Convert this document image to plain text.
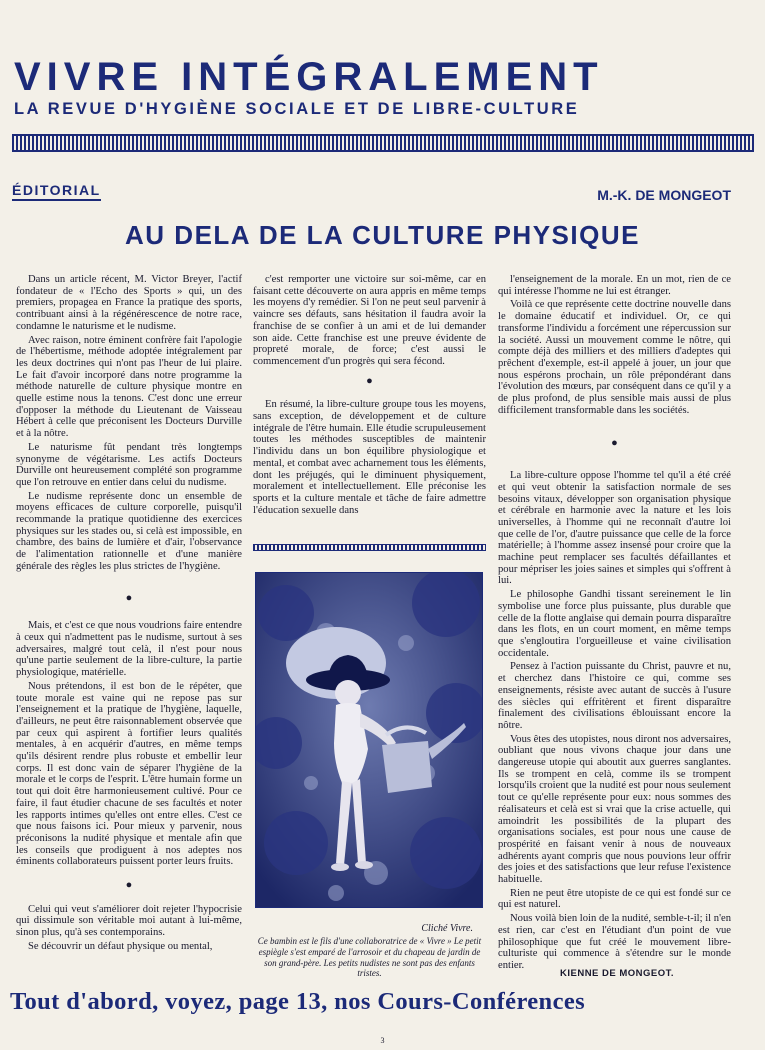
VIVRE INTÉGRALEMENT
LA REVUE D'HYGIÈNE SOCIALE ET DE LIBRE-CULTURE
ÉDITORIAL	M.-K. DE MONGEOT
AU DELA DE LA CULTURE PHYSIQUE

Dans un article récent, M. Victor Breyer, l'actif fondateur de « l'Echo des Sports » qui, un des premiers, propagea en France la pratique des sports, contribuant ainsi à la régénérescence de notre race, condamne le naturisme et le nudisme.

Avec raison, notre éminent confrère fait l'apologie de l'hébertisme, méthode adoptée intégralement par les deux doctrines qui n'ont pas l'heur de lui plaire. Le fait d'avoir incorporé dans notre programme la méthode naturelle de culture physique montre en quelle estime nous la tenons. C'est donc une erreur d'opposer la méthode du Lieutenant de Vaisseau Hébert à celle que préconisent les Docteurs Durville et à la nôtre.

Le naturisme fût pendant très longtemps synonyme de végétarisme. Les actifs Docteurs Durville ont heureusement complété son programme que l'on retrouve en entier dans celui du nudisme.

Le nudisme représente donc un ensemble de moyens efficaces de culture corporelle, puisqu'il recommande la pratique quotidienne des exercices physiques sur les stades ou, si celà est impossible, en chambre, des bains de lumière et d'air, l'observance de l'alimentation rationnelle et d'une manière générale des règles les plus strictes de l'hygiène.

●

Mais, et c'est ce que nous voudrions faire entendre à ceux qui n'admettent pas le nudisme, surtout à ses adversaires, malgré tout celà, il n'est pour nous qu'une partie seulement de la libre-culture, la partie physiologique, matérielle.

Nous prétendons, il est bon de le répéter, que toute morale est vaine qui ne repose pas sur l'enseignement et la pratique de l'hygiène, laquelle, d'ailleurs, ne peut être raisonnablement observée que par ceux qui aspirent à fortifier leurs qualités mentales, à en acquérir d'autres, en même temps qu'ils désirent rendre plus robuste et embellir leur corps. Il est donc vain de séparer l'hygiène de la morale et le corps de l'esprit. L'être humain forme un tout qui doit être harmonieusement cultivé. Pour ce faire, il faut étudier chacune de ses facultés et noter les rapports intimes qu'elles ont entre elles. C'est ce que nous faisons ici. Pour mieux y parvenir, nous préconisons la nudité physique et mentale afin que les conseils que prodiguent à nos adeptes nos éminents collaborateurs puissent porter leurs fruits.

●

Celui qui veut s'améliorer doit rejeter l'hypocrisie qui dissimule son véritable moi autant à lui-même, sinon plus, qu'à ses contemporains.

Se découvrir un défaut physique ou mental,

c'est remporter une victoire sur soi-même, car en faisant cette découverte on aura appris en même temps les moyens d'y remédier. Si l'on ne peut seul parvenir à vaincre ses défauts, sans hésitation il faudra avoir la franchise de se confier à un ami et de lui demander son aide. Cette franchise est une preuve évidente de propreté morale, de force; c'est aussi le commencement d'un progrès qui sera fécond.

●

En résumé, la libre-culture groupe tous les moyens, sans exception, de développement et de culture intégrale de l'être humain. Elle étudie scrupuleusement toutes les méthodes susceptibles de maintenir l'individu dans un bon équilibre physiologique et mental, et combat avec acharnement tous les éléments, dont les préjugés, qui le diminuent physiquement, moralement et intellectuellement. Elle préconise les sports et la culture mentale et tâche de faire admettre l'éducation sexuelle dans

Cliché Vivre.
Ce bambin est le fils d'une collaboratrice de « Vivre » Le petit espiègle s'est emparé de l'arrosoir et du chapeau de jardin de son grand-père. Les petits nudistes ne sont pas des enfants tristes.

l'enseignement de la morale. En un mot, rien de ce qui intéresse l'homme ne lui est étranger.

Voilà ce que représente cette doctrine nouvelle dans le domaine éducatif et individuel. Or, ce qui transforme l'individu a forcément une répercussion sur la société. Aussi un mouvement comme le nôtre, qui compte déjà des milliers et des milliers d'adeptes qui prêchent d'exemple, est-il appelé à jouer, un jour que nous espérons prochain, un rôle prépondérant dans l'évolution des mœurs, par conséquent dans ce qu'il y a de plus profond, de plus sensible mais aussi de plus difficilement transformable dans les sociétés.

●

La libre-culture oppose l'homme tel qu'il a été créé et qui veut obtenir la satisfaction normale de ses besoins vitaux, développer son organisation physique et cérébrale en harmonie avec la nature et les lois universelles, à l'homme qui ne reconnaît d'autre loi que celle de l'or, d'autre puissance que celle de la force matérielle; à l'homme assez insensé pour croire que la machine peut remplacer ses facultés défaillantes et pour mépriser les joies saines et simples qui s'offrent à lui.

Le philosophe Gandhi tissant sereinement le lin symbolise une force plus puissante, plus durable que celle de la flotte anglaise qui demain pourra disparaître dans les flots, en un court moment, en même temps que s'engloutira l'orgueilleuse et vaine civilisation occidentale.

Pensez à l'action puissante du Christ, pauvre et nu, et cherchez dans l'histoire ce qui, comme ses enseignements, résiste avec autant de succès à l'usure des siècles qui effritèrent et firent disparaître finalement des civilisations éblouissant encore la nôtre.

Vous êtes des utopistes, nous diront nos adversaires, oubliant que nous vivons chaque jour dans une dangereuse utopie qui aboutit aux guerres sanglantes. Ils se trompent en celà, comme ils se trompent lorsqu'ils croient que la nudité est pour nous seulement tout ce qu'elle représente pour eux: nous sommes des réalisateurs et celà est si vrai que la crise actuelle, qui amoindrit les possibilités de la plupart des organisations sociales, est pour nous une cause de prospérité en faisant venir à nous de nouveaux adhérents ayant compris que nous pouvions leur offrir des joies et des satisfactions que leur refuse l'existence habituelle.

Rien ne peut être utopiste de ce qui est fondé sur ce qui est naturel.

Nous voilà bien loin de la nudité, semble-t-il; il n'en est rien, car c'est en l'étudiant d'un point de vue philosophique que fut créé le mouvement libre-culturiste qui commence à s'étendre sur le monde entier.

KIENNE DE MONGEOT.
Tout d'abord, voyez, page 13, nos Cours-Conférences
3
